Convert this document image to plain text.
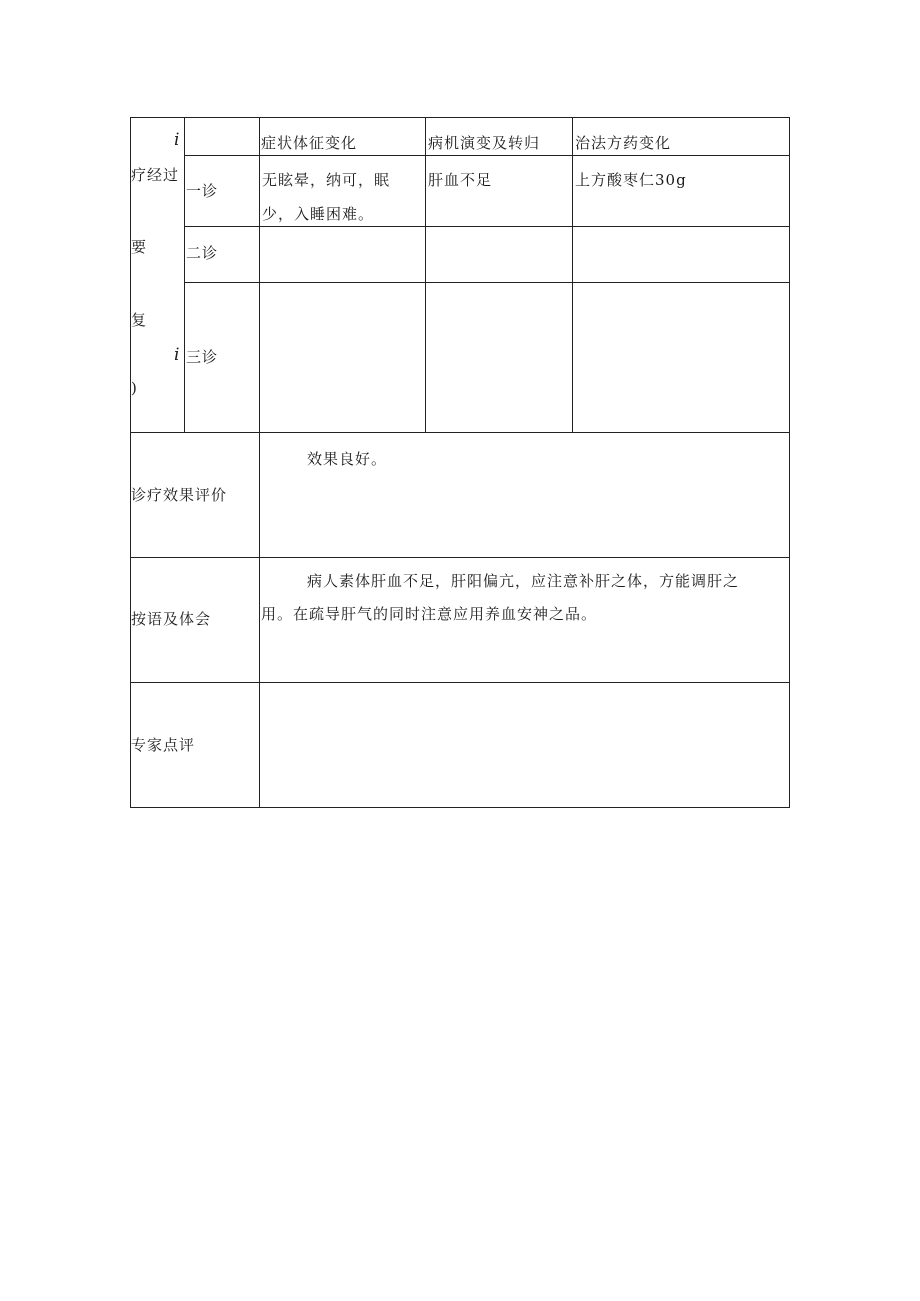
i
疗经过
要
复
i
)
症状体征变化	病机演变及转归 治法方药变化
一诊
无眩晕，纳可，眠
少，入睡困难。
肝血不足	上方酸枣仁30g
二诊
三诊
诊疗效果评价
效果良好。
按语及体会
病人素体肝血不足，肝阳偏亢，应注意补肝之体，方能调肝之
用。在疏导肝气的同时注意应用养血安神之品。
专家点评
